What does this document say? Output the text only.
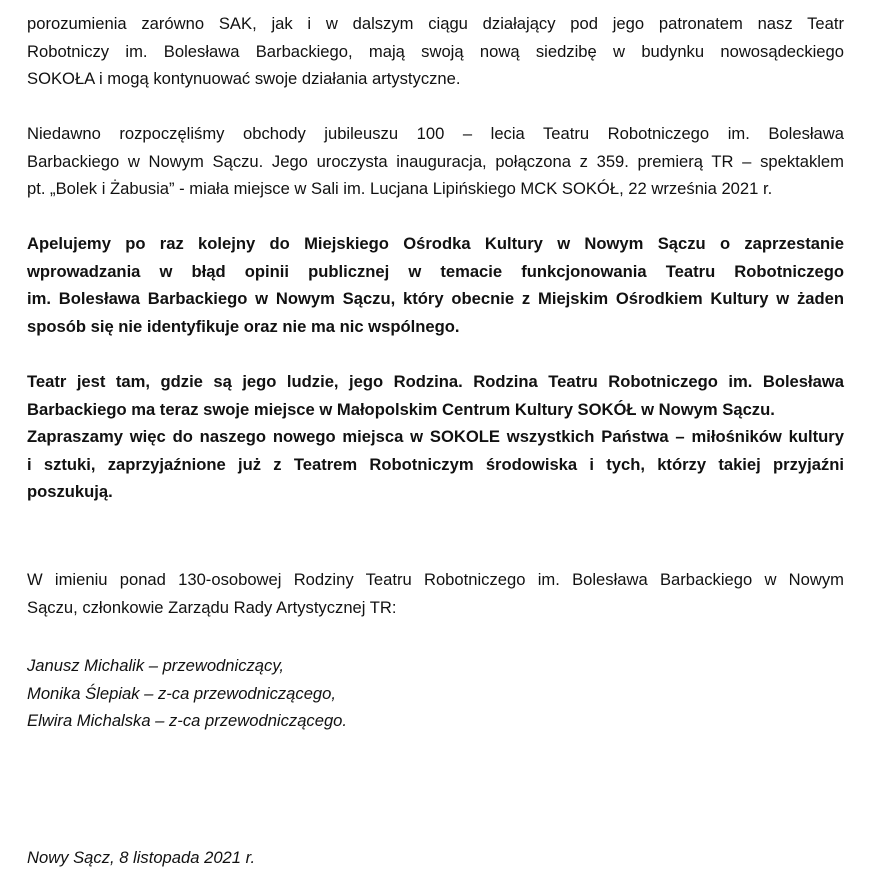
porozumienia zarówno SAK, jak i w dalszym ciągu działający pod jego patronatem nasz Teatr
Robotniczy im. Bolesława Barbackiego, mają swoją nową siedzibę w budynku nowosądeckiego
SOKOŁA i mogą kontynuować swoje działania artystyczne.

Niedawno rozpoczęliśmy obchody jubileuszu 100 – lecia Teatru Robotniczego im. Bolesława
Barbackiego w Nowym Sączu. Jego uroczysta inauguracja, połączona z 359. premierą TR – spektaklem
pt. „Bolek i Żabusia” - miała miejsce w Sali im. Lucjana Lipińskiego MCK SOKÓŁ, 22 września 2021 r.

Apelujemy po raz kolejny do Miejskiego Ośrodka Kultury w Nowym Sączu o zaprzestanie
wprowadzania w błąd opinii publicznej w temacie funkcjonowania Teatru Robotniczego
im. Bolesława Barbackiego w Nowym Sączu, który obecnie z Miejskim Ośrodkiem Kultury w żaden
sposób się nie identyfikuje oraz nie ma nic wspólnego.

Teatr jest tam, gdzie są jego ludzie, jego Rodzina. Rodzina Teatru Robotniczego im. Bolesława
Barbackiego ma teraz swoje miejsce w Małopolskim Centrum Kultury SOKÓŁ w Nowym Sączu.
Zapraszamy więc do naszego nowego miejsca w SOKOLE wszystkich Państwa – miłośników kultury
i sztuki, zaprzyjaźnione już z Teatrem Robotniczym środowiska i tych, którzy takiej przyjaźni
poszukują.

W imieniu ponad 130-osobowej Rodziny Teatru Robotniczego im. Bolesława Barbackiego w Nowym
Sączu, członkowie Zarządu Rady Artystycznej TR:

Janusz Michalik – przewodniczący,
Monika Ślepiak – z-ca przewodniczącego,
Elwira Michalska – z-ca przewodniczącego.
Nowy Sącz, 8 listopada 2021 r.
